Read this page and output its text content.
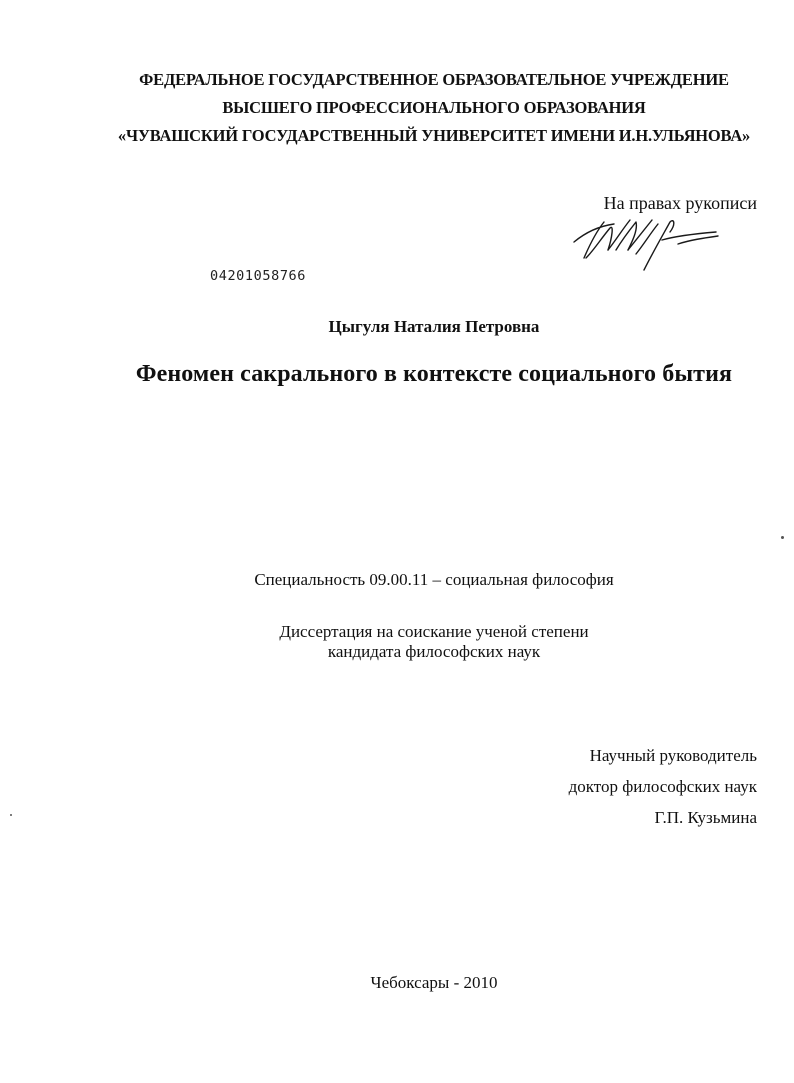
ФЕДЕРАЛЬНОЕ ГОСУДАРСТВЕННОЕ ОБРАЗОВАТЕЛЬНОЕ УЧРЕЖДЕНИЕ
ВЫСШЕГО ПРОФЕССИОНАЛЬНОГО ОБРАЗОВАНИЯ
«ЧУВАШСКИЙ ГОСУДАРСТВЕННЫЙ УНИВЕРСИТЕТ ИМЕНИ И.Н.УЛЬЯНОВА»
На правах рукописи
04201058766
Цыгуля Наталия Петровна
Феномен сакрального в контексте социального бытия
Специальность 09.00.11 – социальная философия
Диссертация на соискание ученой степени
кандидата философских наук
Научный руководитель
доктор философских наук
Г.П. Кузьмина
Чебоксары - 2010
